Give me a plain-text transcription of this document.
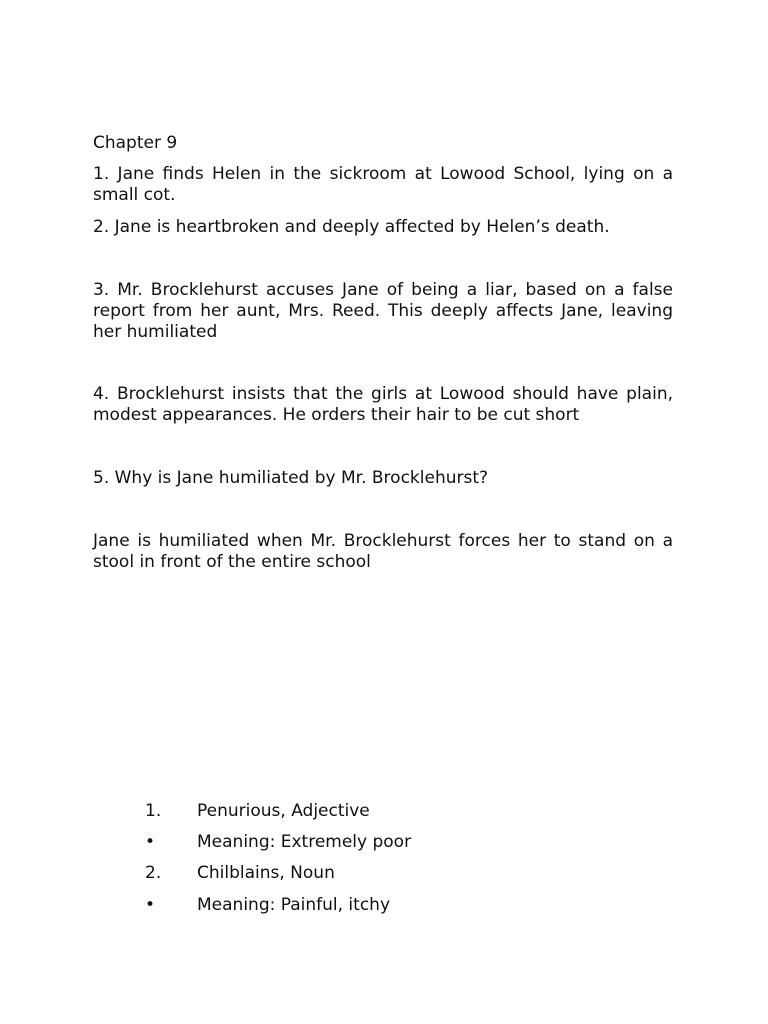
Chapter 9

1. Jane finds Helen in the sickroom at Lowood School, lying on a small cot.

2. Jane is heartbroken and deeply affected by Helen’s death.

3. Mr. Brocklehurst accuses Jane of being a liar, based on a false report from her aunt, Mrs. Reed. This deeply affects Jane, leaving her humiliated

4. Brocklehurst insists that the girls at Lowood should have plain, modest appearances. He orders their hair to be cut short

5. Why is Jane humiliated by Mr. Brocklehurst?

Jane is humiliated when Mr. Brocklehurst forces her to stand on a stool in front of the entire school

1. Penurious, Adjective
• Meaning: Extremely poor
2. Chilblains, Noun
• Meaning: Painful, itchy
